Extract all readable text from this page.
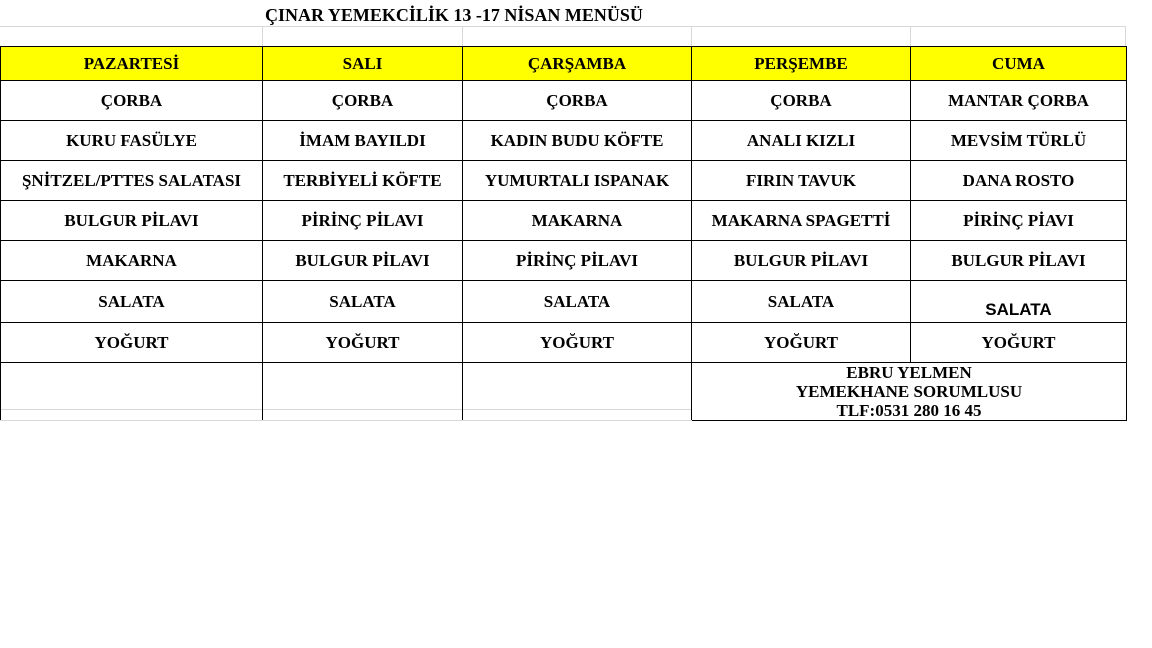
ÇINAR YEMEKCİLİK 13 -17 NİSAN MENÜSÜ
PAZARTESİ	SALI	ÇARŞAMBA	PERŞEMBE	CUMA
ÇORBA	ÇORBA	ÇORBA	ÇORBA	MANTAR ÇORBA
KURU FASÜLYE	İMAM BAYILDI	KADIN BUDU KÖFTE	ANALI KIZLI	MEVSİM TÜRLÜ
ŞNİTZEL/PTTES SALATASI	TERBİYELİ KÖFTE	YUMURTALI ISPANAK	FIRIN TAVUK	DANA ROSTO
BULGUR PİLAVI	PİRİNÇ PİLAVI	MAKARNA	MAKARNA SPAGETTİ	PİRİNÇ PİAVI
MAKARNA	BULGUR PİLAVI	PİRİNÇ PİLAVI	BULGUR PİLAVI	BULGUR PİLAVI
SALATA	SALATA	SALATA	SALATA	SALATA
YOĞURT	YOĞURT	YOĞURT	YOĞURT	YOĞURT

			EBRU YELMEN
YEMEKHANE SORUMLUSU
TLF:0531 280 16 45	
